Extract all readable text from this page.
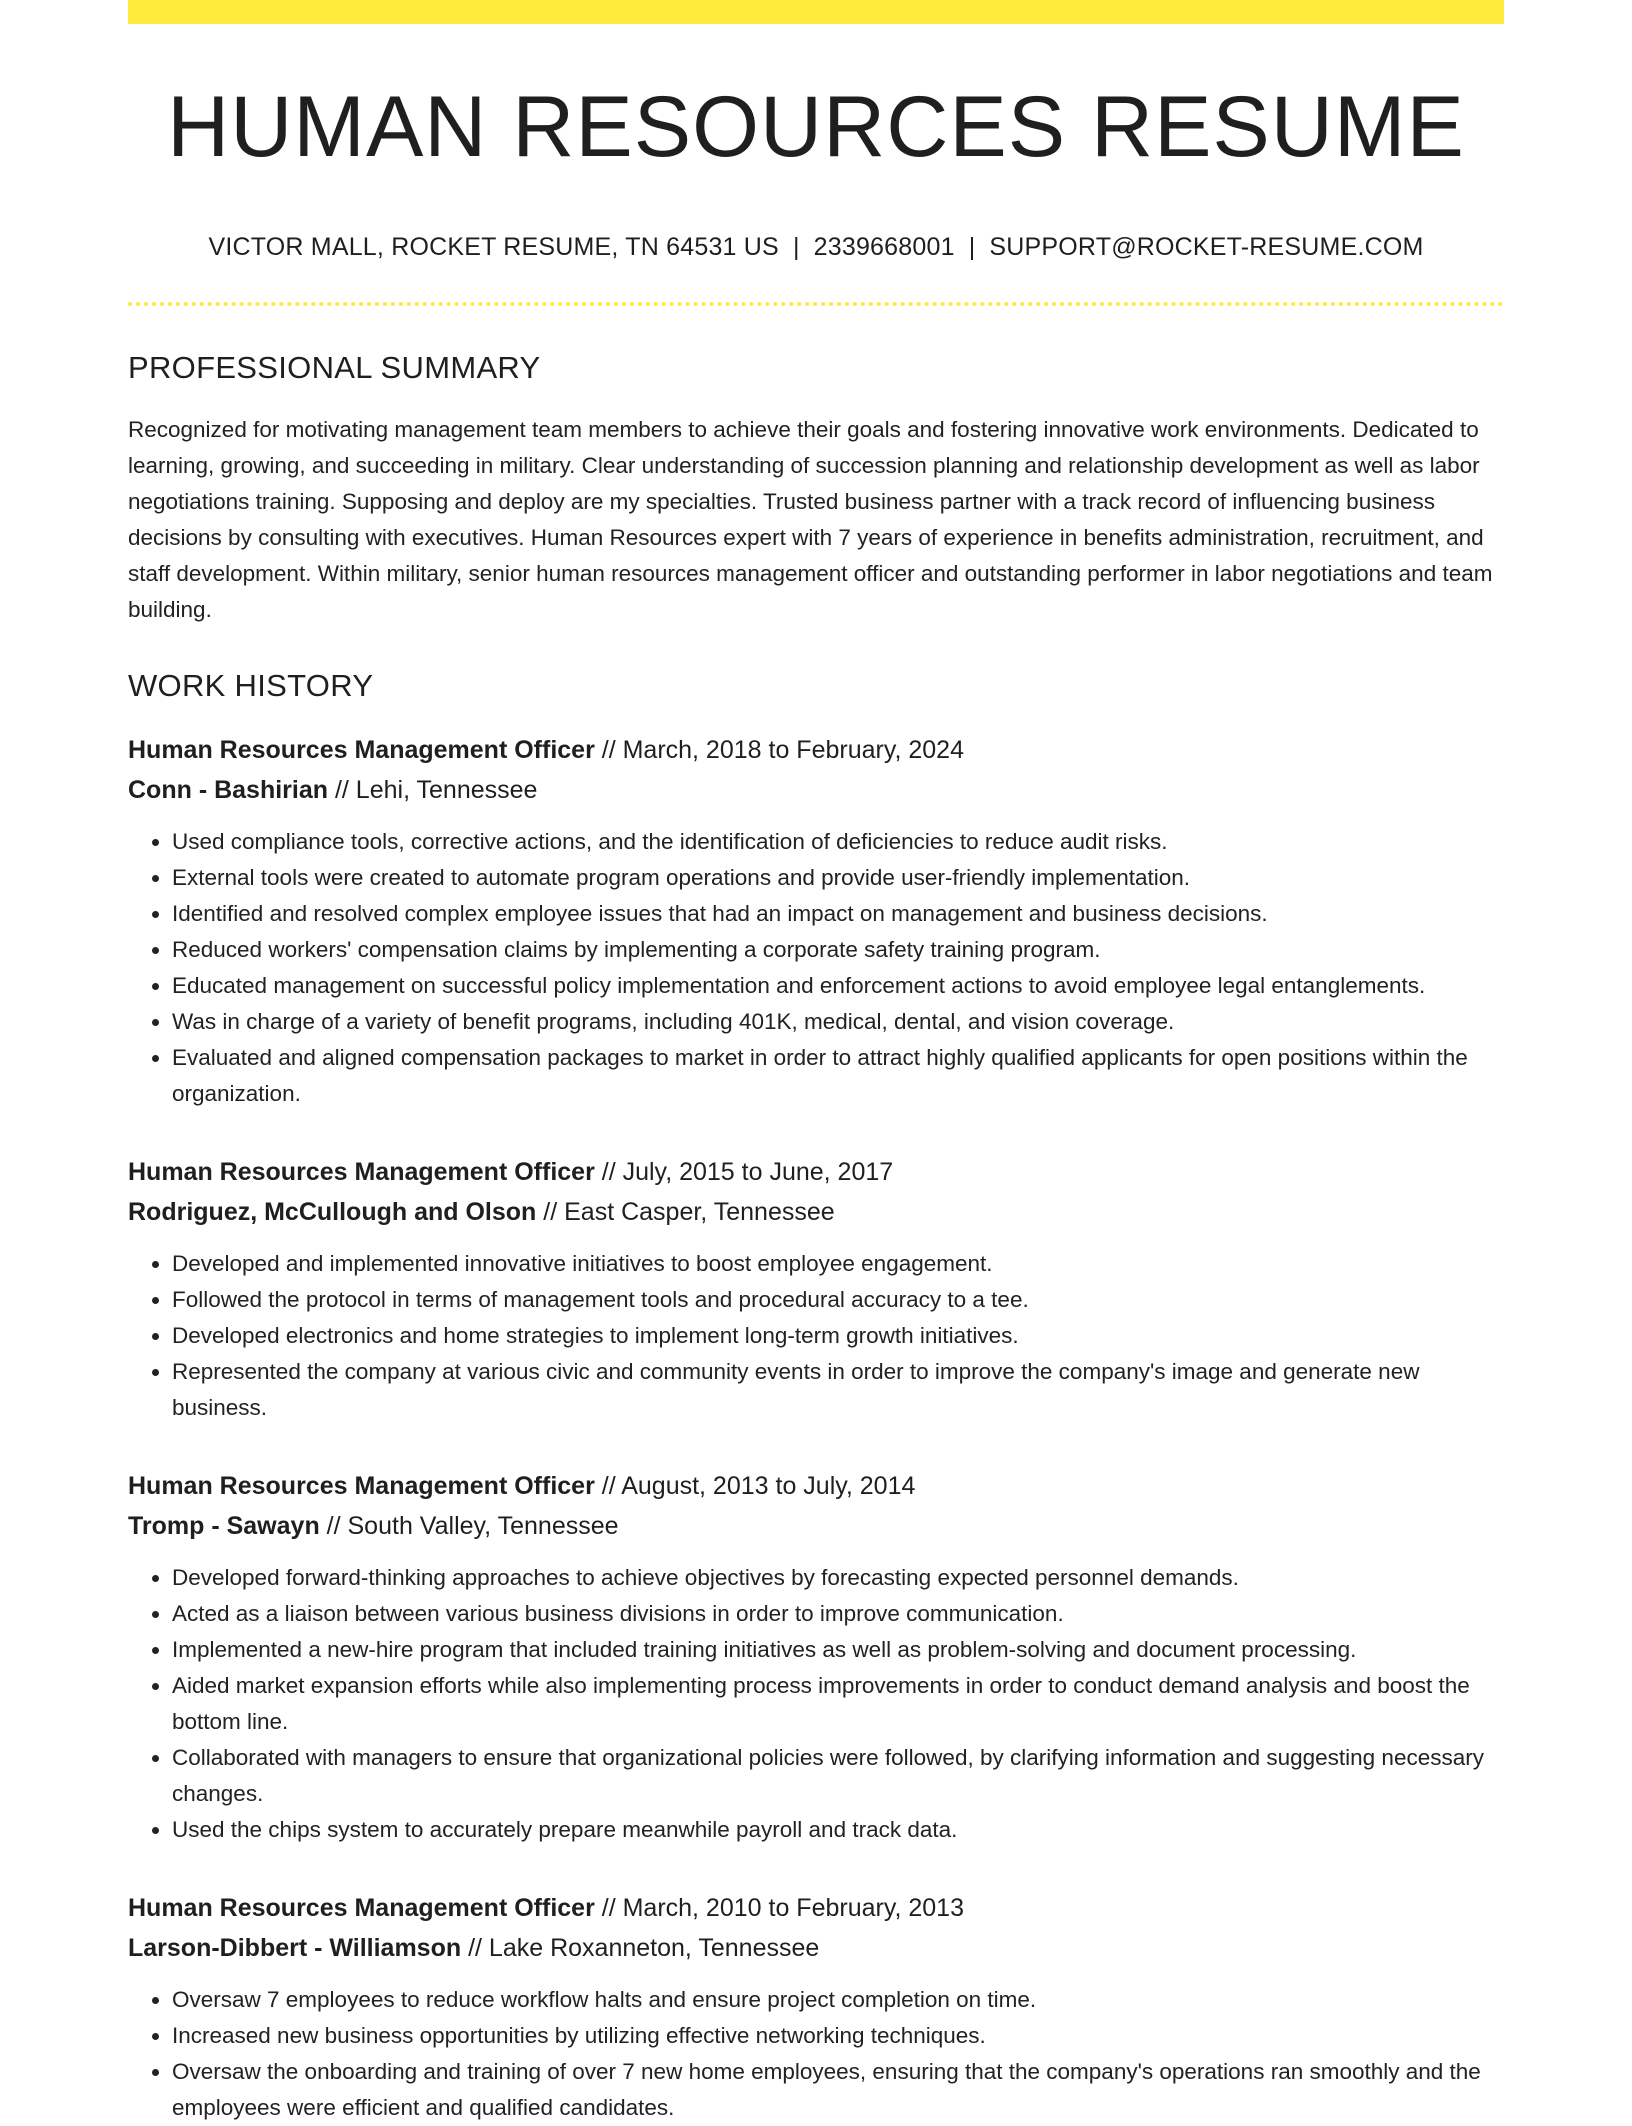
HUMAN RESOURCES RESUME
VICTOR MALL, ROCKET RESUME, TN 64531 US | 2339668001 | SUPPORT@ROCKET-RESUME.COM
PROFESSIONAL SUMMARY

Recognized for motivating management team members to achieve their goals and fostering innovative work environments. Dedicated to learning, growing, and succeeding in military. Clear understanding of succession planning and relationship development as well as labor negotiations training. Supposing and deploy are my specialties. Trusted business partner with a track record of influencing business decisions by consulting with executives. Human Resources expert with 7 years of experience in benefits administration, recruitment, and staff development. Within military, senior human resources management officer and outstanding performer in labor negotiations and team building.

WORK HISTORY
Human Resources Management Officer // March, 2018 to February, 2024
Conn - Bashirian // Lehi, Tennessee
• Used compliance tools, corrective actions, and the identification of deficiencies to reduce audit risks.
• External tools were created to automate program operations and provide user-friendly implementation.
• Identified and resolved complex employee issues that had an impact on management and business decisions.
• Reduced workers' compensation claims by implementing a corporate safety training program.
• Educated management on successful policy implementation and enforcement actions to avoid employee legal entanglements.
• Was in charge of a variety of benefit programs, including 401K, medical, dental, and vision coverage.
• Evaluated and aligned compensation packages to market in order to attract highly qualified applicants for open positions within the organization.
Human Resources Management Officer // July, 2015 to June, 2017
Rodriguez, McCullough and Olson // East Casper, Tennessee
• Developed and implemented innovative initiatives to boost employee engagement.
• Followed the protocol in terms of management tools and procedural accuracy to a tee.
• Developed electronics and home strategies to implement long-term growth initiatives.
• Represented the company at various civic and community events in order to improve the company's image and generate new business.
Human Resources Management Officer // August, 2013 to July, 2014
Tromp - Sawayn // South Valley, Tennessee
• Developed forward-thinking approaches to achieve objectives by forecasting expected personnel demands.
• Acted as a liaison between various business divisions in order to improve communication.
• Implemented a new-hire program that included training initiatives as well as problem-solving and document processing.
• Aided market expansion efforts while also implementing process improvements in order to conduct demand analysis and boost the bottom line.
• Collaborated with managers to ensure that organizational policies were followed, by clarifying information and suggesting necessary changes.
• Used the chips system to accurately prepare meanwhile payroll and track data.
Human Resources Management Officer // March, 2010 to February, 2013
Larson-Dibbert - Williamson // Lake Roxanneton, Tennessee
• Oversaw 7 employees to reduce workflow halts and ensure project completion on time.
• Increased new business opportunities by utilizing effective networking techniques.
• Oversaw the onboarding and training of over 7 new home employees, ensuring that the company's operations ran smoothly and the employees were efficient and qualified candidates.
